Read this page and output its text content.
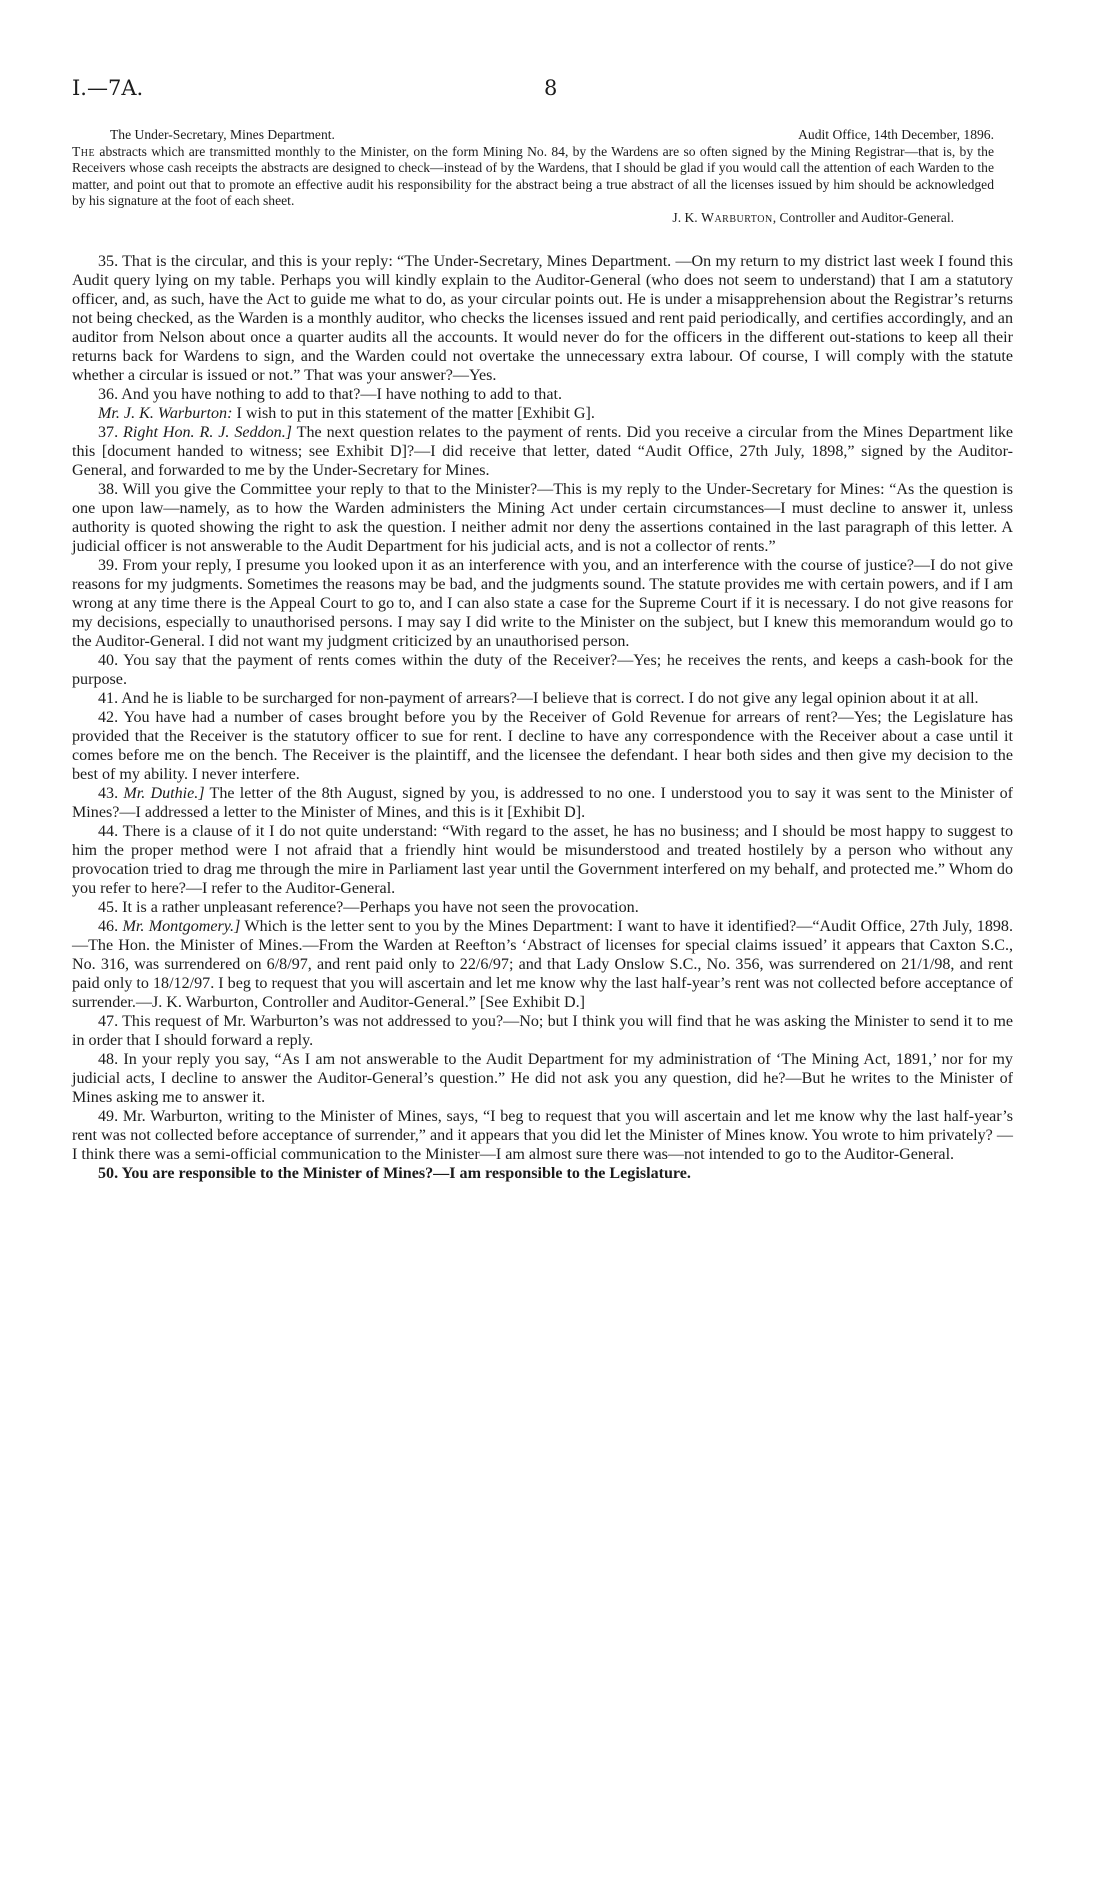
I.—7A.	8
The Under-Secretary, Mines Department.	Audit Office, 14th December, 1896.

The abstracts which are transmitted monthly to the Minister, on the form Mining No. 84, by the Wardens are so often signed by the Mining Registrar—that is, by the Receivers whose cash receipts the abstracts are designed to check—instead of by the Wardens, that I should be glad if you would call the attention of each Warden to the matter, and point out that to promote an effective audit his responsibility for the abstract being a true abstract of all the licenses issued by him should be acknowledged by his signature at the foot of each sheet.

J. K. Warburton, Controller and Auditor-General.

35. That is the circular, and this is your reply: “The Under-Secretary, Mines Department. —On my return to my district last week I found this Audit query lying on my table. Perhaps you will kindly explain to the Auditor-General (who does not seem to understand) that I am a statutory officer, and, as such, have the Act to guide me what to do, as your circular points out. He is under a misapprehension about the Registrar’s returns not being checked, as the Warden is a monthly auditor, who checks the licenses issued and rent paid periodically, and certifies accordingly, and an auditor from Nelson about once a quarter audits all the accounts. It would never do for the officers in the different out-stations to keep all their returns back for Wardens to sign, and the Warden could not overtake the unnecessary extra labour. Of course, I will comply with the statute whether a circular is issued or not.” That was your answer?—Yes.

36. And you have nothing to add to that?—I have nothing to add to that.

Mr. J. K. Warburton: I wish to put in this statement of the matter [Exhibit G].

37. Right Hon. R. J. Seddon.] The next question relates to the payment of rents. Did you receive a circular from the Mines Department like this [document handed to witness; see Exhibit D]?—I did receive that letter, dated “Audit Office, 27th July, 1898,” signed by the Auditor-General, and forwarded to me by the Under-Secretary for Mines.

38. Will you give the Committee your reply to that to the Minister?—This is my reply to the Under-Secretary for Mines: “As the question is one upon law—namely, as to how the Warden administers the Mining Act under certain circumstances—I must decline to answer it, unless authority is quoted showing the right to ask the question. I neither admit nor deny the assertions contained in the last paragraph of this letter. A judicial officer is not answerable to the Audit Department for his judicial acts, and is not a collector of rents.”

39. From your reply, I presume you looked upon it as an interference with you, and an interference with the course of justice?—I do not give reasons for my judgments. Sometimes the reasons may be bad, and the judgments sound. The statute provides me with certain powers, and if I am wrong at any time there is the Appeal Court to go to, and I can also state a case for the Supreme Court if it is necessary. I do not give reasons for my decisions, especially to unauthorised persons. I may say I did write to the Minister on the subject, but I knew this memorandum would go to the Auditor-General. I did not want my judgment criticized by an unauthorised person.

40. You say that the payment of rents comes within the duty of the Receiver?—Yes; he receives the rents, and keeps a cash-book for the purpose.

41. And he is liable to be surcharged for non-payment of arrears?—I believe that is correct. I do not give any legal opinion about it at all.

42. You have had a number of cases brought before you by the Receiver of Gold Revenue for arrears of rent?—Yes; the Legislature has provided that the Receiver is the statutory officer to sue for rent. I decline to have any correspondence with the Receiver about a case until it comes before me on the bench. The Receiver is the plaintiff, and the licensee the defendant. I hear both sides and then give my decision to the best of my ability. I never interfere.

43. Mr. Duthie.] The letter of the 8th August, signed by you, is addressed to no one. I understood you to say it was sent to the Minister of Mines?—I addressed a letter to the Minister of Mines, and this is it [Exhibit D].

44. There is a clause of it I do not quite understand: “With regard to the asset, he has no business; and I should be most happy to suggest to him the proper method were I not afraid that a friendly hint would be misunderstood and treated hostilely by a person who without any provocation tried to drag me through the mire in Parliament last year until the Government interfered on my behalf, and protected me.” Whom do you refer to here?—I refer to the Auditor-General.

45. It is a rather unpleasant reference?—Perhaps you have not seen the provocation.

46. Mr. Montgomery.] Which is the letter sent to you by the Mines Department: I want to have it identified?—“Audit Office, 27th July, 1898.—The Hon. the Minister of Mines.—From the Warden at Reefton’s ‘Abstract of licenses for special claims issued’ it appears that Caxton S.C., No. 316, was surrendered on 6/8/97, and rent paid only to 22/6/97; and that Lady Onslow S.C., No. 356, was surrendered on 21/1/98, and rent paid only to 18/12/97. I beg to request that you will ascertain and let me know why the last half-year’s rent was not collected before acceptance of surrender.—J. K. Warburton, Controller and Auditor-General.” [See Exhibit D.]

47. This request of Mr. Warburton’s was not addressed to you?—No; but I think you will find that he was asking the Minister to send it to me in order that I should forward a reply.

48. In your reply you say, “As I am not answerable to the Audit Department for my administration of ‘The Mining Act, 1891,’ nor for my judicial acts, I decline to answer the Auditor-General’s question.” He did not ask you any question, did he?—But he writes to the Minister of Mines asking me to answer it.

49. Mr. Warburton, writing to the Minister of Mines, says, “I beg to request that you will ascertain and let me know why the last half-year’s rent was not collected before acceptance of surrender,” and it appears that you did let the Minister of Mines know. You wrote to him privately? —I think there was a semi-official communication to the Minister—I am almost sure there was—not intended to go to the Auditor-General.

50. You are responsible to the Minister of Mines?—I am responsible to the Legislature.
